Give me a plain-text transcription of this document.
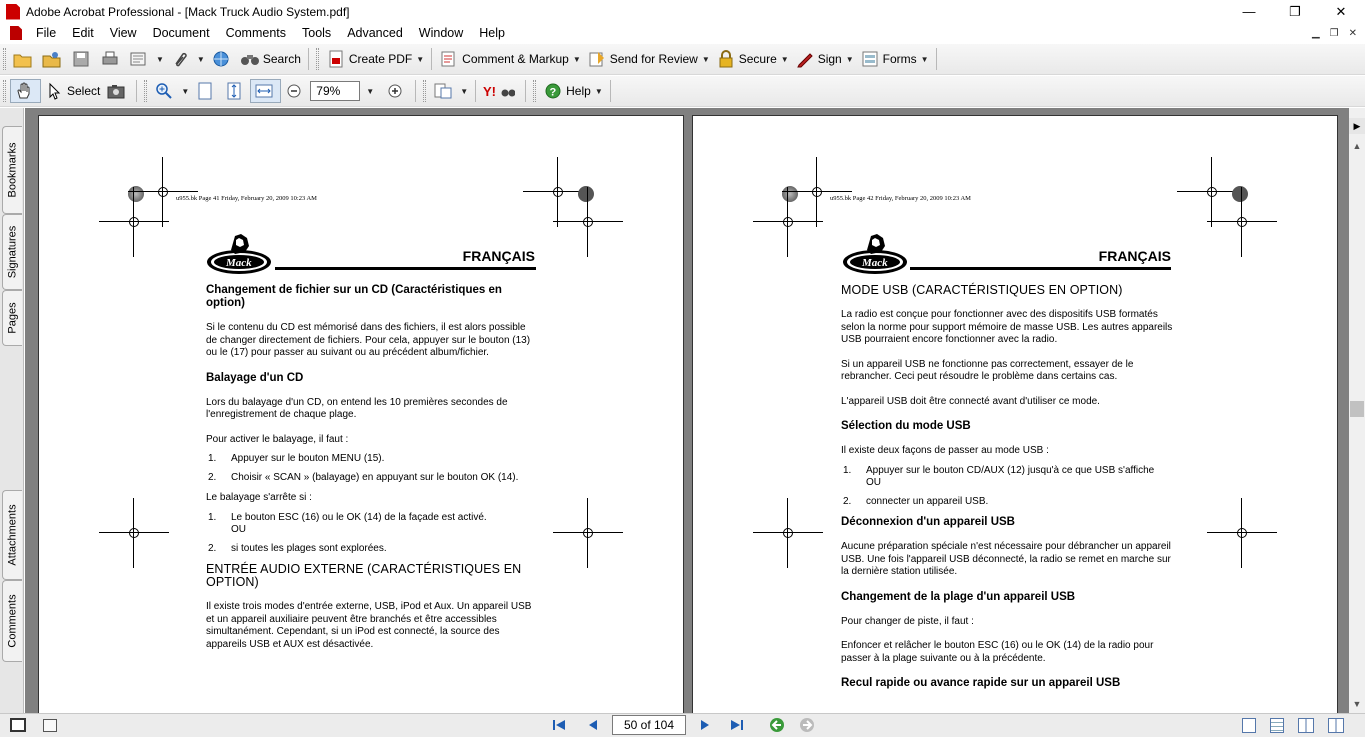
Adobe Acrobat Professional - [Mack Truck Audio System.pdf]	—	❐	✕
File	Edit	View	Document	Comments	Tools	Advanced	Window	Help	▁ ❐ ✕
▼	▼	Search	Create PDF ▼	Comment & Markup ▼ Send for Review ▼ Secure ▼ Sign ▼ Forms ▼
Select	▼	79%	▼	▼ Y!	? Help ▼
Bookmarks
Signatures
Pages
Attachments
Comments
u955.bk Page 41 Friday, February 20, 2009 10:23 AM
Mack	FRANÇAIS
Changement de fichier sur un CD (Caractéristiques en option)

Si le contenu du CD est mémorisé dans des fichiers, il est alors possible de changer directement de fichiers. Pour cela, appuyer sur le bouton (13) ou le (17) pour passer au suivant ou au précédent album/fichier.

Balayage d'un CD

Lors du balayage d'un CD, on entend les 10 premières secondes de l'enregistrement de chaque plage.

Pour activer le balayage, il faut :

1.	Appuyer sur le bouton MENU (15).
2.	Choisir « SCAN » (balayage) en appuyant sur le bouton OK (14).

Le balayage s'arrête si :

1.	Le bouton ESC (16) ou le OK (14) de la façade est activé.
OU
2.	si toutes les plages sont explorées.
ENTRÉE AUDIO EXTERNE (CARACTÉRISTIQUES EN OPTION)

Il existe trois modes d'entrée externe, USB, iPod et Aux. Un appareil USB et un appareil auxiliaire peuvent être branchés et être accessibles simultanément. Cependant, si un iPod est connecté, la source des appareils USB et AUX est désactivée.

u955.bk Page 42 Friday, February 20, 2009 10:23 AM
Mack	FRANÇAIS
MODE USB (CARACTÉRISTIQUES EN OPTION)

La radio est conçue pour fonctionner avec des dispositifs USB formatés selon la norme pour support mémoire de masse USB. Les autres appareils USB pourraient encore fonctionner avec la radio.

Si un appareil USB ne fonctionne pas correctement, essayer de le rebrancher. Ceci peut résoudre le problème dans certains cas.

L'appareil USB doit être connecté avant d'utiliser ce mode.

Sélection du mode USB

Il existe deux façons de passer au mode USB :

1.	Appuyer sur le bouton CD/AUX (12) jusqu'à ce que USB s'affiche
OU
2.	connecter un appareil USB.
Déconnexion d'un appareil USB

Aucune préparation spéciale n'est nécessaire pour débrancher un appareil USB. Une fois l'appareil USB déconnecté, la radio se remet en marche sur la dernière station utilisée.

Changement de la plage d'un appareil USB

Pour changer de piste, il faut :

Enfoncer et relâcher le bouton ESC (16) ou le OK (14) de la radio pour passer à la plage suivante ou à la précédente.

Recul rapide ou avance rapide sur un appareil USB
▶
▲
▼
50 of 104
